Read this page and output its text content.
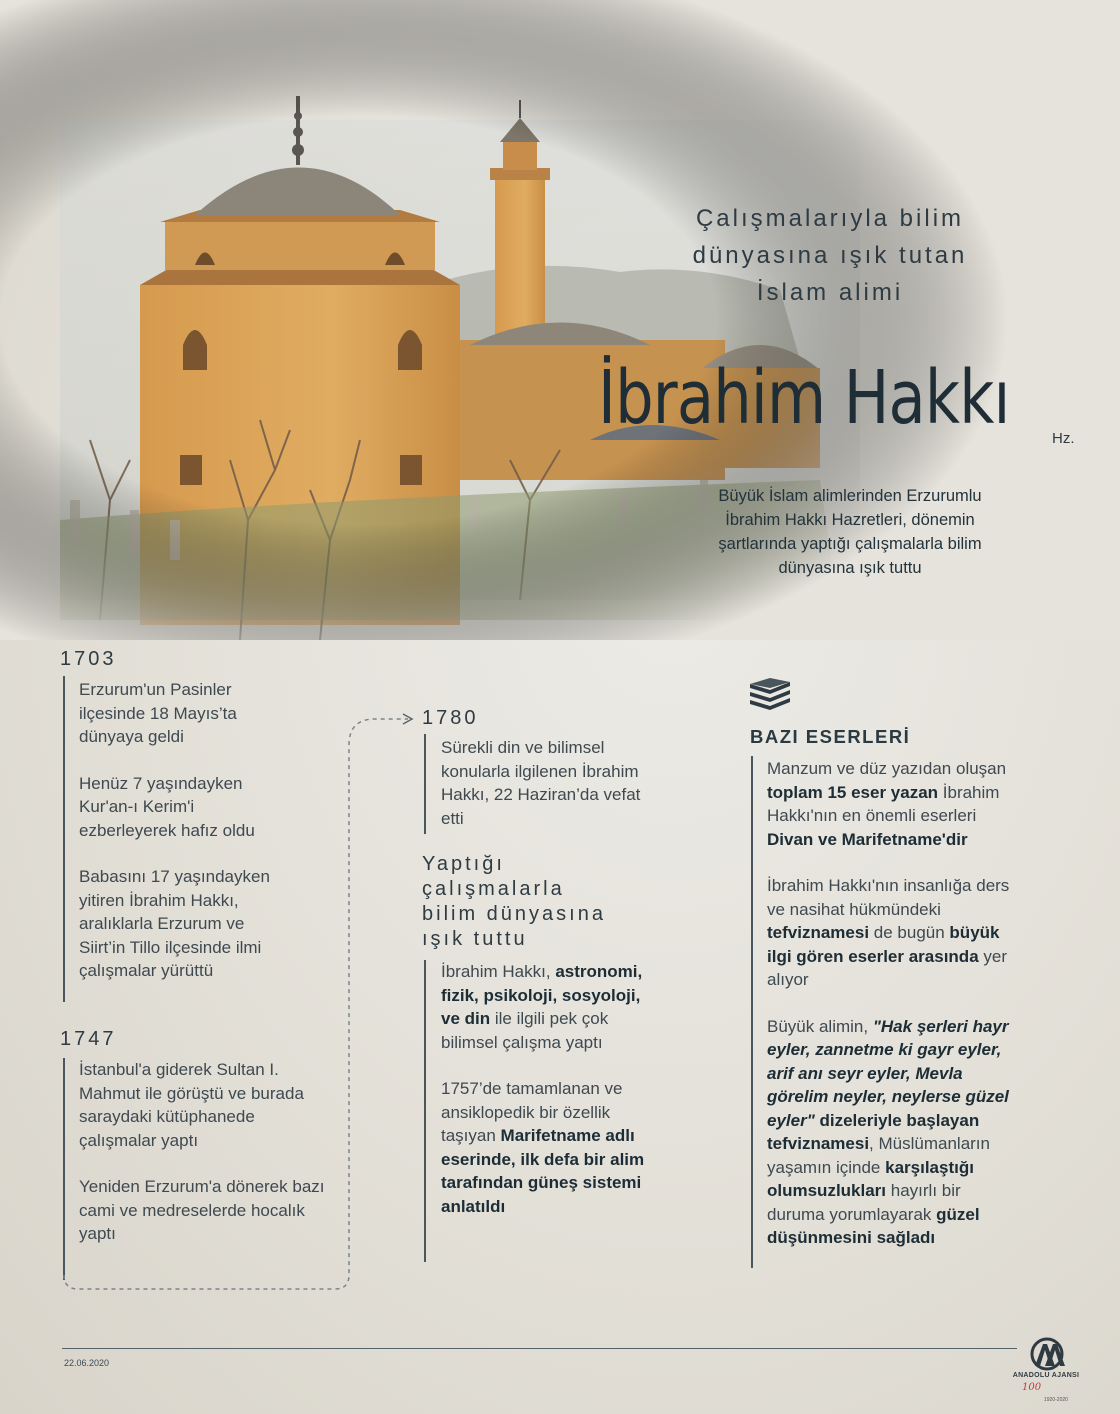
Çalışmalarıyla bilim
dünyasına ışık tutan
İslam alimi
İbrahim Hakkı	Hz.
Büyük İslam alimlerinden Erzurumlu
İbrahim Hakkı Hazretleri, dönemin
şartlarında yaptığı çalışmalarla bilim
dünyasına ışık tuttu
1703

Erzurum'un Pasinler ilçesinde 18 Mayıs’ta dünyaya geldi

Henüz 7 yaşındayken Kur'an-ı Kerim'i ezberleyerek hafız oldu

Babasını 17 yaşındayken yitiren İbrahim Hakkı, aralıklarla Erzurum ve Siirt’in Tillo ilçesinde ilmi çalışmalar yürüttü

1747

İstanbul'a giderek Sultan I. Mahmut ile görüştü ve burada saraydaki kütüphanede çalışmalar yaptı

Yeniden Erzurum'a dönerek bazı cami ve medreselerde hocalık yaptı

1780

Sürekli din ve bilimsel konularla ilgilenen İbrahim Hakkı, 22 Haziran’da vefat etti

Yaptığı
çalışmalarla
bilim dünyasına
ışık tuttu

İbrahim Hakkı, astronomi, fizik, psikoloji, sosyoloji, ve din ile ilgili pek çok bilimsel çalışma yaptı

1757’de tamamlanan ve ansiklopedik bir özellik taşıyan Marifetname adlı eserinde, ilk defa bir alim tarafından güneş sistemi anlatıldı

BAZI ESERLERİ

Manzum ve düz yazıdan oluşan toplam 15 eser yazan İbrahim Hakkı'nın en önemli eserleri Divan ve Marifetname'dir

İbrahim Hakkı'nın insanlığa ders ve nasihat hükmündeki tefviznamesi de bugün büyük ilgi gören eserler arasında yer alıyor

Büyük alimin, "Hak şerleri hayr eyler, zannetme ki gayr eyler, arif anı seyr eyler, Mevla görelim neyler, neylerse güzel eyler" dizeleriyle başlayan tefviznamesi, Müslümanların yaşamın içinde karşılaştığı olumsuzlukları hayırlı bir duruma yorumlayarak güzel düşünmesini sağladı

22.06.2020
ANADOLU AJANSI
100
1920-2020
